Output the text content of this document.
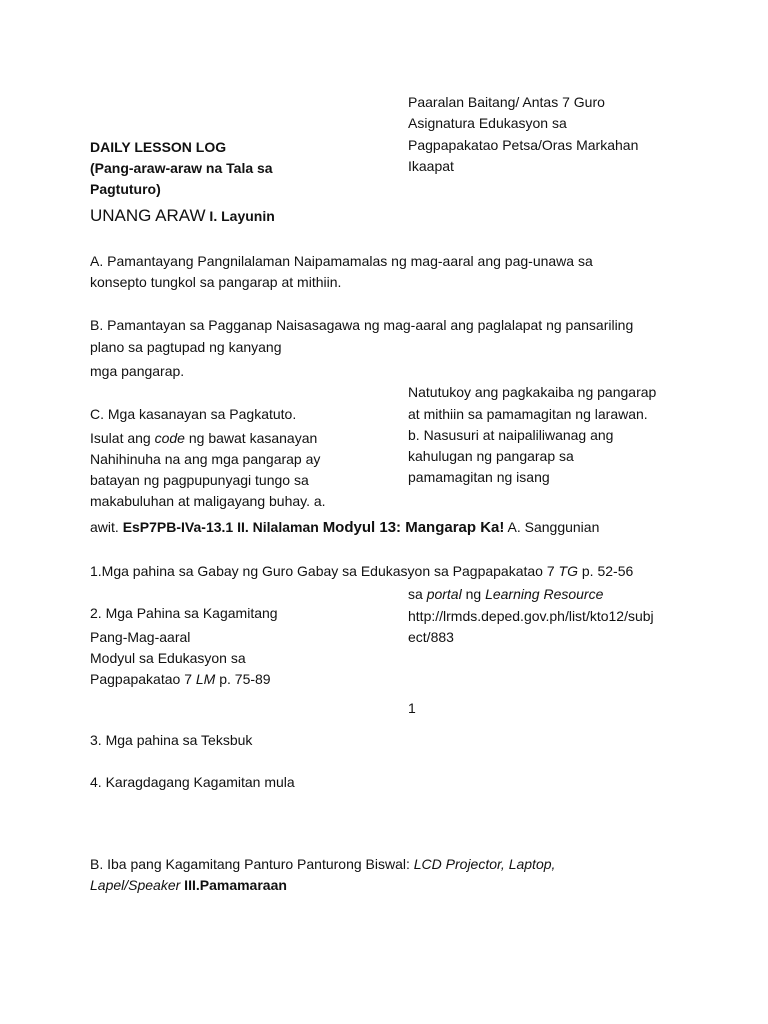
Paaralan Baitang/ Antas 7 Guro

Asignatura Edukasyon sa

Pagpapakatao Petsa/Oras Markahan

Ikaapat

DAILY LESSON LOG

(Pang-araw-araw na Tala sa

Pagtuturo)

UNANG ARAW I. Layunin

A. Pamantayang Pangnilalaman Naipamamalas ng mag-aaral ang pag-unawa sa

konsepto tungkol sa pangarap at mithiin.

B. Pamantayan sa Pagganap Naisasagawa ng mag-aaral ang paglalapat ng pansariling

plano sa pagtupad ng kanyang

mga pangarap.

Natutukoy ang pagkakaiba ng pangarap

at mithiin sa pamamagitan ng larawan.

b. Nasusuri at naipaliliwanag ang

kahulugan ng pangarap sa

pamamagitan ng isang

C. Mga kasanayan sa Pagkatuto.

Isulat ang code ng bawat kasanayan

Nahihinuha na ang mga pangarap ay

batayan ng pagpupunyagi tungo sa

makabuluhan at maligayang buhay. a.

awit. EsP7PB-IVa-13.1 II. Nilalaman Modyul 13: Mangarap Ka! A. Sanggunian

1.Mga pahina sa Gabay ng Guro Gabay sa Edukasyon sa Pagpapakatao 7 TG p. 52-56

sa portal ng Learning Resource

http://lrmds.deped.gov.ph/list/kto12/subj

ect/883

2. Mga Pahina sa Kagamitang

Pang-Mag-aaral

Modyul sa Edukasyon sa

Pagpapakatao 7 LM p. 75-89

1

3. Mga pahina sa Teksbuk

4. Karagdagang Kagamitan mula

B. Iba pang Kagamitang Panturo Panturong Biswal: LCD Projector, Laptop,

Lapel/Speaker III.Pamamaraan
